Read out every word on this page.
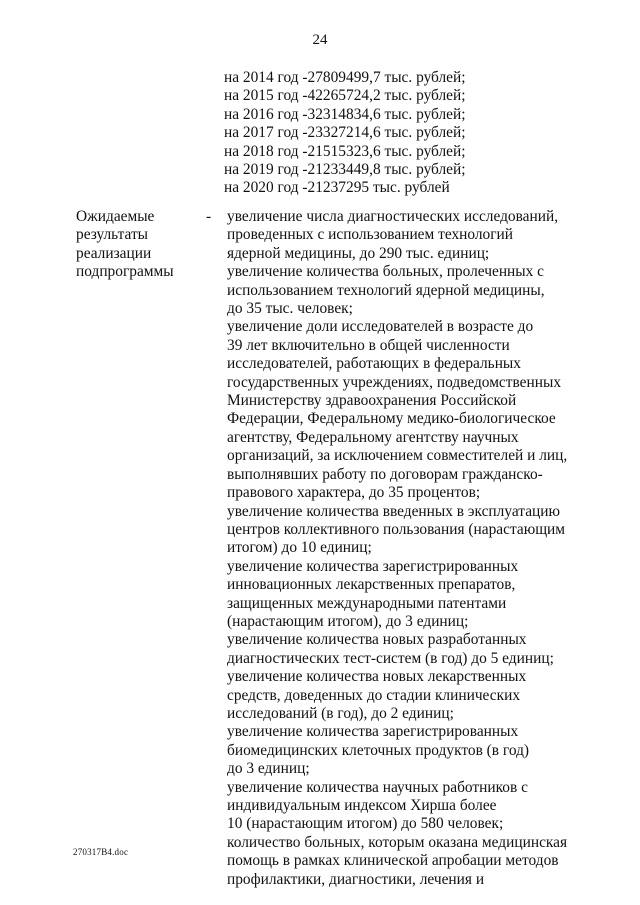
24
на 2014 год -27809499,7 тыс. рублей;
на 2015 год -42265724,2 тыс. рублей;
на 2016 год -32314834,6 тыс. рублей;
на 2017 год -23327214,6 тыс. рублей;
на 2018 год -21515323,6 тыс. рублей;
на 2019 год -21233449,8 тыс. рублей;
на 2020 год -21237295 тыс. рублей
Ожидаемые
результаты
реализации
подпрограммы
- увеличение числа диагностических исследований,
проведенных с использованием технологий
ядерной медицины, до 290 тыс. единиц;
увеличение количества больных, пролеченных с
использованием технологий ядерной медицины,
до 35 тыс. человек;
увеличение доли исследователей в возрасте до
39 лет включительно в общей численности
исследователей, работающих в федеральных
государственных учреждениях, подведомственных
Министерству здравоохранения Российской
Федерации, Федеральному медико-биологическое
агентству, Федеральному агентству научных
организаций, за исключением совместителей и лиц,
выполнявших работу по договорам гражданско-
правового характера, до 35 процентов;
увеличение количества введенных в эксплуатацию
центров коллективного пользования (нарастающим
итогом) до 10 единиц;
увеличение количества зарегистрированных
инновационных лекарственных препаратов,
защищенных международными патентами
(нарастающим итогом), до 3 единиц;
увеличение количества новых разработанных
диагностических тест-систем (в год) до 5 единиц;
увеличение количества новых лекарственных
средств, доведенных до стадии клинических
исследований (в год), до 2 единиц;
увеличение количества зарегистрированных
биомедицинских клеточных продуктов (в год)
до 3 единиц;
увеличение количества научных работников с
индивидуальным индексом Хирша более
10 (нарастающим итогом) до 580 человек;
количество больных, которым оказана медицинская
помощь в рамках клинической апробации методов
профилактики, диагностики, лечения и
270317B4.doc
